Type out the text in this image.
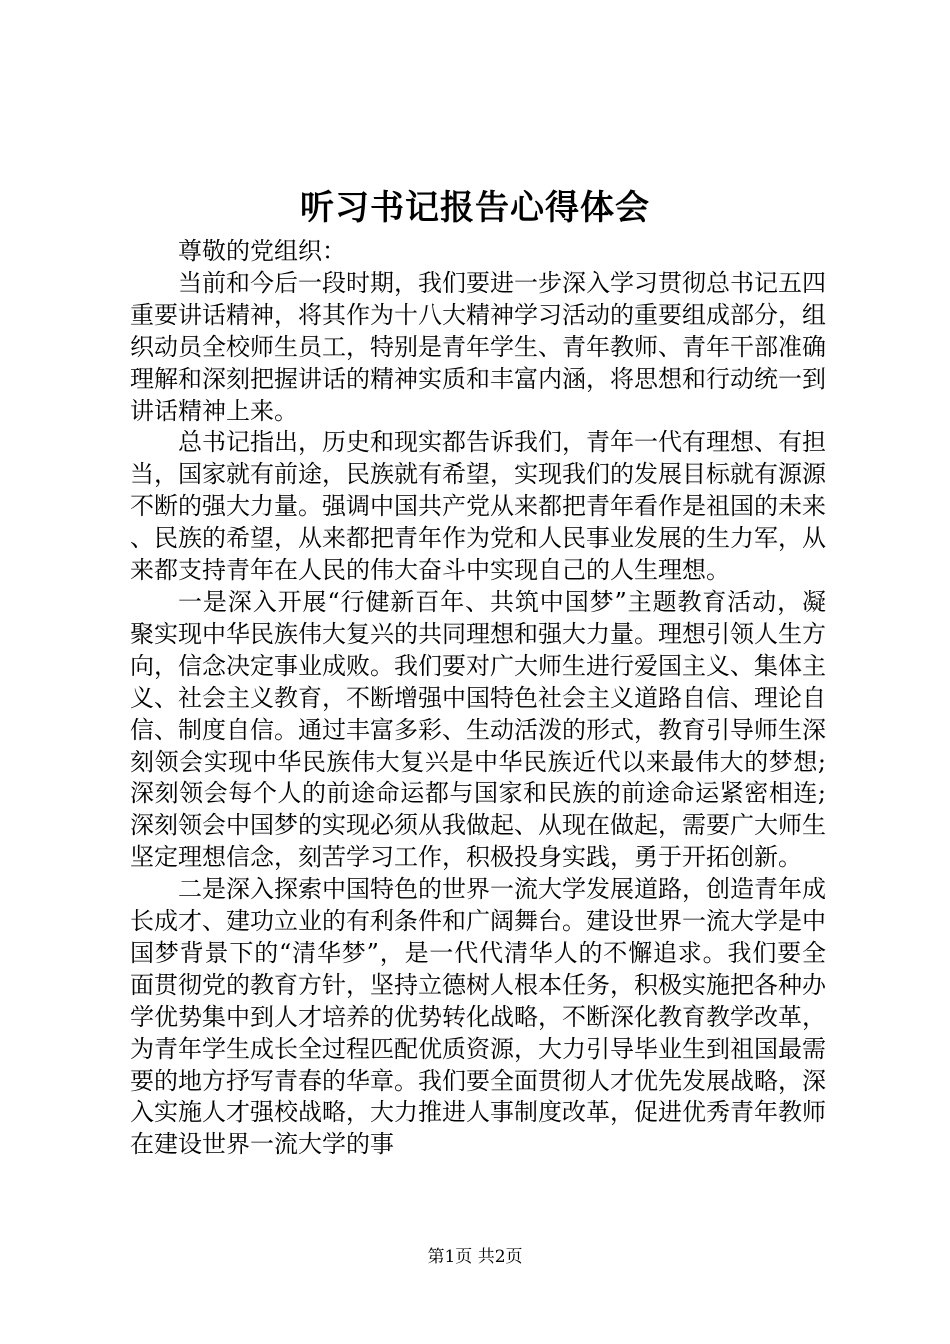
听习书记报告心得体会

尊敬的党组织：

当前和今后一段时期，我们要进一步深入学习贯彻总书记五四重要讲话精神，将其作为十八大精神学习活动的重要组成部分，组织动员全校师生员工，特别是青年学生、青年教师、青年干部准确理解和深刻把握讲话的精神实质和丰富内涵，将思想和行动统一到讲话精神上来。

总书记指出，历史和现实都告诉我们，青年一代有理想、有担当，国家就有前途，民族就有希望，实现我们的发展目标就有源源不断的强大力量。强调中国共产党从来都把青年看作是祖国的未来、民族的希望，从来都把青年作为党和人民事业发展的生力军，从来都支持青年在人民的伟大奋斗中实现自己的人生理想。

一是深入开展“行健新百年、共筑中国梦”主题教育活动，凝聚实现中华民族伟大复兴的共同理想和强大力量。理想引领人生方向，信念决定事业成败。我们要对广大师生进行爱国主义、集体主义、社会主义教育，不断增强中国特色社会主义道路自信、理论自信、制度自信。通过丰富多彩、生动活泼的形式，教育引导师生深刻领会实现中华民族伟大复兴是中华民族近代以来最伟大的梦想;深刻领会每个人的前途命运都与国家和民族的前途命运紧密相连;深刻领会中国梦的实现必须从我做起、从现在做起，需要广大师生坚定理想信念，刻苦学习工作，积极投身实践，勇于开拓创新。

二是深入探索中国特色的世界一流大学发展道路，创造青年成长成才、建功立业的有利条件和广阔舞台。建设世界一流大学是中国梦背景下的“清华梦”，是一代代清华人的不懈追求。我们要全面贯彻党的教育方针，坚持立德树人根本任务，积极实施把各种办学优势集中到人才培养的优势转化战略，不断深化教育教学改革，为青年学生成长全过程匹配优质资源，大力引导毕业生到祖国最需要的地方抒写青春的华章。我们要全面贯彻人才优先发展战略，深入实施人才强校战略，大力推进人事制度改革，促进优秀青年教师在建设世界一流大学的事

第1页 共2页
